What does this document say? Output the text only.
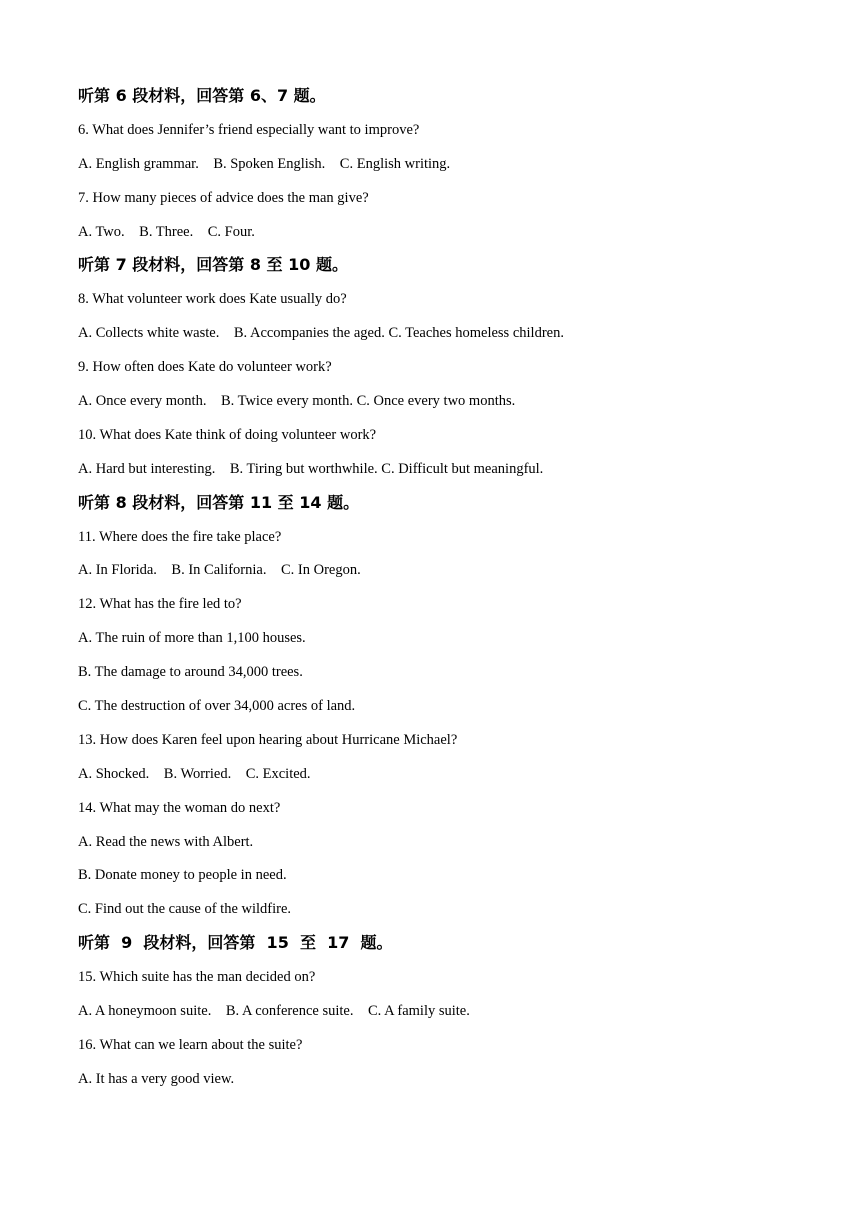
听第 6 段材料，回答第 6、7 题。
6. What does Jennifer’s friend especially want to improve?
A. English grammar.    B. Spoken English.    C. English writing.
7. How many pieces of advice does the man give?
A. Two.    B. Three.    C. Four.
听第 7 段材料，回答第 8 至 10 题。
8. What volunteer work does Kate usually do?
A. Collects white waste.    B. Accompanies the aged. C. Teaches homeless children.
9. How often does Kate do volunteer work?
A. Once every month.    B. Twice every month. C. Once every two months.
10. What does Kate think of doing volunteer work?
A. Hard but interesting.    B. Tiring but worthwhile. C. Difficult but meaningful.
听第 8 段材料，回答第 11 至 14 题。
11. Where does the fire take place?
A. In Florida.    B. In California.    C. In Oregon.
12. What has the fire led to?
A. The ruin of more than 1,100 houses.
B. The damage to around 34,000 trees.
C. The destruction of over 34,000 acres of land.
13. How does Karen feel upon hearing about Hurricane Michael?
A. Shocked.    B. Worried.    C. Excited.
14. What may the woman do next?
A. Read the news with Albert.
B. Donate money to people in need.
C. Find out the cause of the wildfire.
听第  9  段材料，回答第  15  至  17  题。
15. Which suite has the man decided on?
A. A honeymoon suite.    B. A conference suite.    C. A family suite.
16. What can we learn about the suite?
A. It has a very good view.
